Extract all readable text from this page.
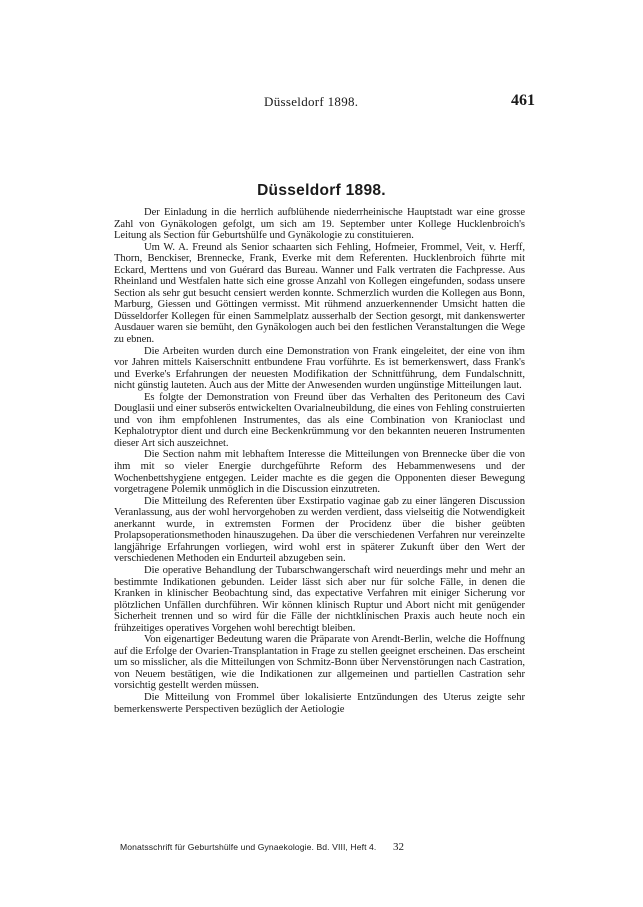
Düsseldorf 1898.	461
Düsseldorf 1898.

Der Einladung in die herrlich aufblühende niederrheinische Hauptstadt war eine grosse Zahl von Gynäkologen gefolgt, um sich am 19. September unter Kollege Hucklenbroich's Leitung als Section für Geburtshülfe und Gynäkologie zu constituieren.

Um W. A. Freund als Senior schaarten sich Fehling, Hofmeier, Frommel, Veit, v. Herff, Thorn, Benckiser, Brennecke, Frank, Everke mit dem Referenten. Hucklenbroich führte mit Eckard, Merttens und von Guérard das Bureau. Wanner und Falk vertraten die Fachpresse. Aus Rheinland und Westfalen hatte sich eine grosse Anzahl von Kollegen eingefunden, sodass unsere Section als sehr gut besucht censiert werden konnte. Schmerzlich wurden die Kollegen aus Bonn, Marburg, Giessen und Göttingen vermisst. Mit rühmend anzuerkennender Umsicht hatten die Düsseldorfer Kollegen für einen Sammelplatz ausserhalb der Section gesorgt, mit dankenswerter Ausdauer waren sie bemüht, den Gynäkologen auch bei den festlichen Veranstaltungen die Wege zu ebnen.

Die Arbeiten wurden durch eine Demonstration von Frank eingeleitet, der eine von ihm vor Jahren mittels Kaiserschnitt entbundene Frau vorführte. Es ist bemerkenswert, dass Frank's und Everke's Erfahrungen der neuesten Modifikation der Schnittführung, dem Fundalschnitt, nicht günstig lauteten. Auch aus der Mitte der Anwesenden wurden ungünstige Mitteilungen laut.

Es folgte der Demonstration von Freund über das Verhalten des Peritoneum des Cavi Douglasii und einer subserös entwickelten Ovarialneubildung, die eines von Fehling construierten und von ihm empfohlenen Instrumentes, das als eine Combination von Kranioclast und Kephalotryptor dient und durch eine Beckenkrümmung vor den bekannten neueren Instrumenten dieser Art sich auszeichnet.

Die Section nahm mit lebhaftem Interesse die Mitteilungen von Brennecke über die von ihm mit so vieler Energie durchgeführte Reform des Hebammenwesens und der Wochenbettshygiene entgegen. Leider machte es die gegen die Opponenten dieser Bewegung vorgetragene Polemik unmöglich in die Discussion einzutreten.

Die Mitteilung des Referenten über Exstirpatio vaginae gab zu einer längeren Discussion Veranlassung, aus der wohl hervorgehoben zu werden verdient, dass vielseitig die Notwendigkeit anerkannt wurde, in extremsten Formen der Procidenz über die bisher geübten Prolapsoperationsmethoden hinauszugehen. Da über die verschiedenen Verfahren nur vereinzelte langjährige Erfahrungen vorliegen, wird wohl erst in späterer Zukunft über den Wert der verschiedenen Methoden ein Endurteil abzugeben sein.

Die operative Behandlung der Tubarschwangerschaft wird neuerdings mehr und mehr an bestimmte Indikationen gebunden. Leider lässt sich aber nur für solche Fälle, in denen die Kranken in klinischer Beobachtung sind, das expectative Verfahren mit einiger Sicherung vor plötzlichen Unfällen durchführen. Wir können klinisch Ruptur und Abort nicht mit genügender Sicherheit trennen und so wird für die Fälle der nichtklinischen Praxis auch heute noch ein frühzeitiges operatives Vorgehen wohl berechtigt bleiben.

Von eigenartiger Bedeutung waren die Präparate von Arendt-Berlin, welche die Hoffnung auf die Erfolge der Ovarien-Transplantation in Frage zu stellen geeignet erscheinen. Das erscheint um so misslicher, als die Mitteilungen von Schmitz-Bonn über Nervenstörungen nach Castration, von Neuem bestätigen, wie die Indikationen zur allgemeinen und partiellen Castration sehr vorsichtig gestellt werden müssen.

Die Mitteilung von Frommel über lokalisierte Entzündungen des Uterus zeigte sehr bemerkenswerte Perspectiven bezüglich der Aetiologie

Monatsschrift für Geburtshülfe und Gynaekologie. Bd. VIII, Heft 4. 32
